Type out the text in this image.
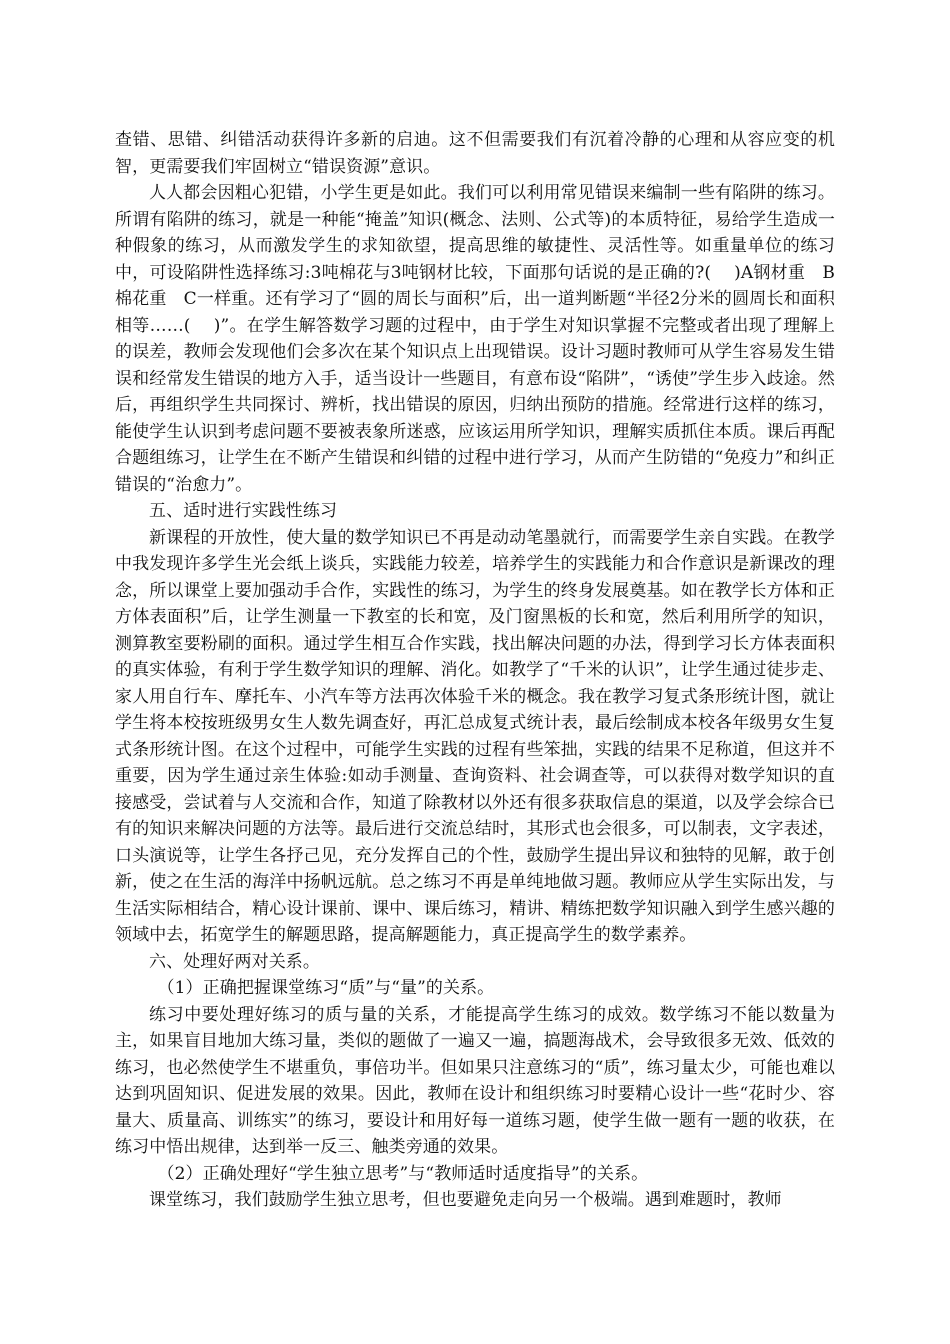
查错、思错、纠错活动获得许多新的启迪。这不但需要我们有沉着冷静的心理和从容应变的机智，更需要我们牢固树立“错误资源”意识。

人人都会因粗心犯错，小学生更是如此。我们可以利用常见错误来编制一些有陷阱的练习。所谓有陷阱的练习，就是一种能“掩盖”知识(概念、法则、公式等)的本质特征，易给学生造成一种假象的练习，从而激发学生的求知欲望，提高思维的敏捷性、灵活性等。如重量单位的练习中，可设陷阱性选择练习:3吨棉花与3吨钢材比较，下面那句话说的是正确的?(　 )A钢材重　B棉花重　C一样重。还有学习了“圆的周长与面积”后，出一道判断题“半径2分米的圆周长和面积相等……(　 )”。在学生解答数学习题的过程中，由于学生对知识掌握不完整或者出现了理解上的误差，教师会发现他们会多次在某个知识点上出现错误。设计习题时教师可从学生容易发生错误和经常发生错误的地方入手，适当设计一些题目，有意布设“陷阱”，“诱使”学生步入歧途。然后，再组织学生共同探讨、辨析，找出错误的原因，归纳出预防的措施。经常进行这样的练习，能使学生认识到考虑问题不要被表象所迷惑，应该运用所学知识，理解实质抓住本质。课后再配合题组练习，让学生在不断产生错误和纠错的过程中进行学习，从而产生防错的“免疫力”和纠正错误的“治愈力”。

五、适时进行实践性练习

新课程的开放性，使大量的数学知识已不再是动动笔墨就行，而需要学生亲自实践。在教学中我发现许多学生光会纸上谈兵，实践能力较差，培养学生的实践能力和合作意识是新课改的理念，所以课堂上要加强动手合作，实践性的练习，为学生的终身发展奠基。如在教学长方体和正方体表面积”后，让学生测量一下教室的长和宽，及门窗黑板的长和宽，然后利用所学的知识，测算教室要粉刷的面积。通过学生相互合作实践，找出解决问题的办法，得到学习长方体表面积的真实体验，有利于学生数学知识的理解、消化。如教学了“千米的认识”，让学生通过徒步走、家人用自行车、摩托车、小汽车等方法再次体验千米的概念。我在教学习复式条形统计图，就让学生将本校按班级男女生人数先调查好，再汇总成复式统计表，最后绘制成本校各年级男女生复式条形统计图。在这个过程中，可能学生实践的过程有些笨拙，实践的结果不足称道，但这并不重要，因为学生通过亲生体验:如动手测量、查询资料、社会调查等，可以获得对数学知识的直接感受，尝试着与人交流和合作，知道了除教材以外还有很多获取信息的渠道，以及学会综合已有的知识来解决问题的方法等。最后进行交流总结时，其形式也会很多，可以制表，文字表述，口头演说等，让学生各抒己见，充分发挥自己的个性，鼓励学生提出异议和独特的见解，敢于创新，使之在生活的海洋中扬帆远航。总之练习不再是单纯地做习题。教师应从学生实际出发，与生活实际相结合，精心设计课前、课中、课后练习，精讲、精练把数学知识融入到学生感兴趣的领域中去，拓宽学生的解题思路，提高解题能力，真正提高学生的数学素养。

六、处理好两对关系。

（1）正确把握课堂练习“质”与“量”的关系。

练习中要处理好练习的质与量的关系，才能提高学生练习的成效。数学练习不能以数量为主，如果盲目地加大练习量，类似的题做了一遍又一遍，搞题海战术，会导致很多无效、低效的练习，也必然使学生不堪重负，事倍功半。但如果只注意练习的“质”，练习量太少，可能也难以达到巩固知识、促进发展的效果。因此，教师在设计和组织练习时要精心设计一些“花时少、容量大、质量高、训练实”的练习，要设计和用好每一道练习题，使学生做一题有一题的收获，在练习中悟出规律，达到举一反三、触类旁通的效果。

（2）正确处理好“学生独立思考”与“教师适时适度指导”的关系。

课堂练习，我们鼓励学生独立思考，但也要避免走向另一个极端。遇到难题时，教师
